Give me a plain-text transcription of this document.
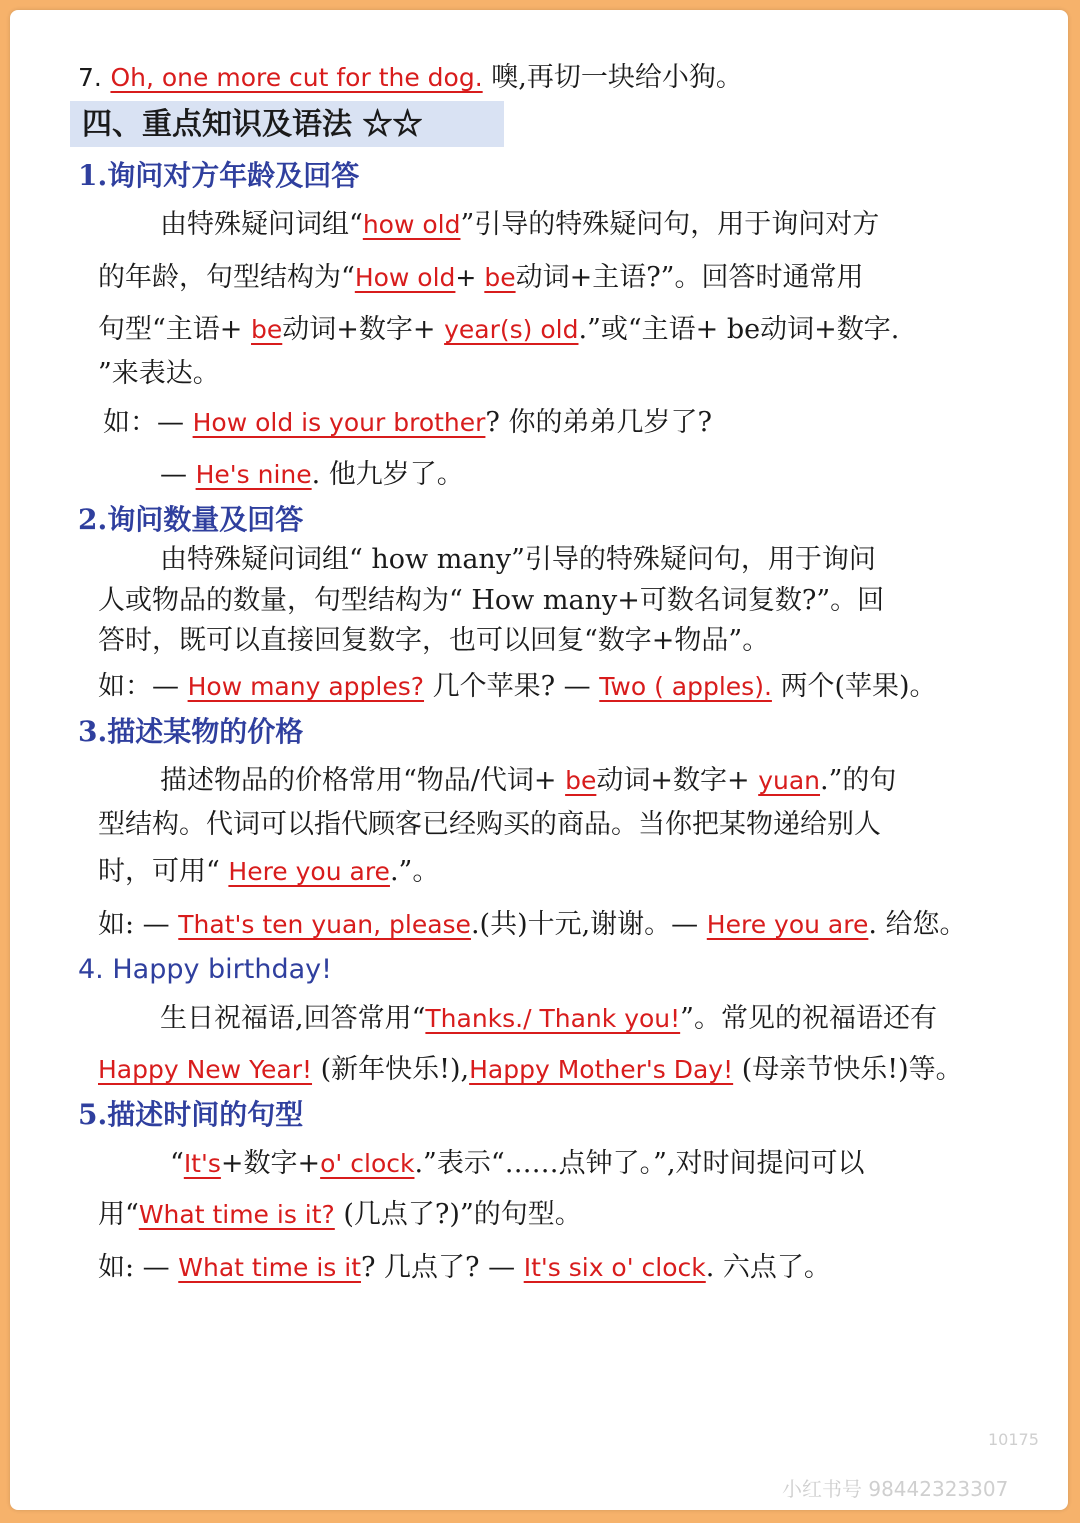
7. Oh, one more cut for the dog. 噢,再切一块给小狗。
四、重点知识及语法 ☆☆
1.询问对方年龄及回答
由特殊疑问词组“how old”引导的特殊疑问句，用于询问对方
的年龄，句型结构为“How old+ be动词+主语?”。回答时通常用
句型“主语+ be动词+数字+ year(s) old.”或“主语+ be动词+数字.
”来表达。
如：— How old is your brother? 你的弟弟几岁了?
— He's nine. 他九岁了。
2.询问数量及回答
由特殊疑问词组“ how many”引导的特殊疑问句，用于询问
人或物品的数量，句型结构为“ How many+可数名词复数?”。回
答时，既可以直接回复数字，也可以回复“数字+物品”。
如：— How many apples? 几个苹果? — Two ( apples). 两个(苹果)。
3.描述某物的价格
描述物品的价格常用“物品/代词+ be动词+数字+ yuan.”的句
型结构。代词可以指代顾客已经购买的商品。当你把某物递给别人
时，可用“ Here you are.”。
如: — That's ten yuan, please.(共)十元,谢谢。— Here you are. 给您。
4. Happy birthday!
生日祝福语,回答常用“Thanks./ Thank you!”。常见的祝福语还有
Happy New Year! (新年快乐!),Happy Mother's Day! (母亲节快乐!)等。
5.描述时间的句型
“It's+数字+o' clock.”表示“……点钟了。”,对时间提问可以
用“What time is it? (几点了?)”的句型。
如: — What time is it? 几点了? — It's six o' clock. 六点了。
10175
小红书号 98442323307
